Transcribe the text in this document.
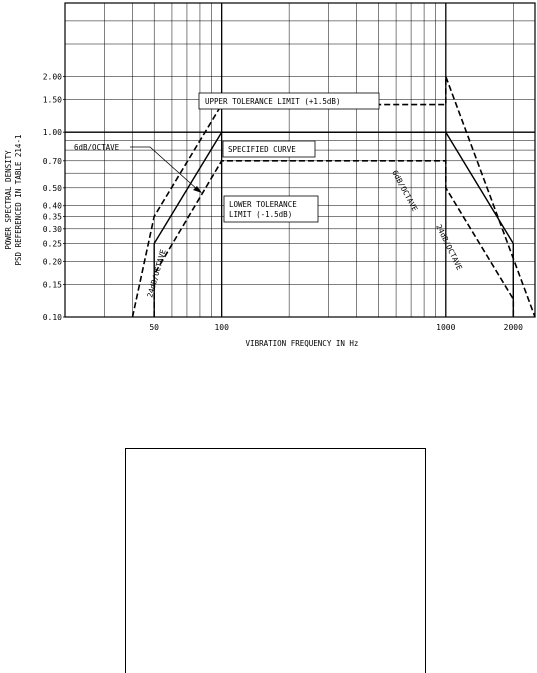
2.00
1.50
1.00
0.70
0.50
0.40
0.35
0.30
0.25
0.20
0.15
0.10
50	100	1000	2000
UPPER TOLERANCE LIMIT (+1.5dB)
SPECIFIED CURVE
6dB/OCTAVE
LOWER TOLERANCE
LIMIT (-1.5dB)
6dB/OCTAVE
24dB/OCTAVE
24dB/OCTAVE
VIBRATION FREQUENCY IN Hz
POWER SPECTRAL DENSITY PSD REFERENCED IN TABLE 214-1
